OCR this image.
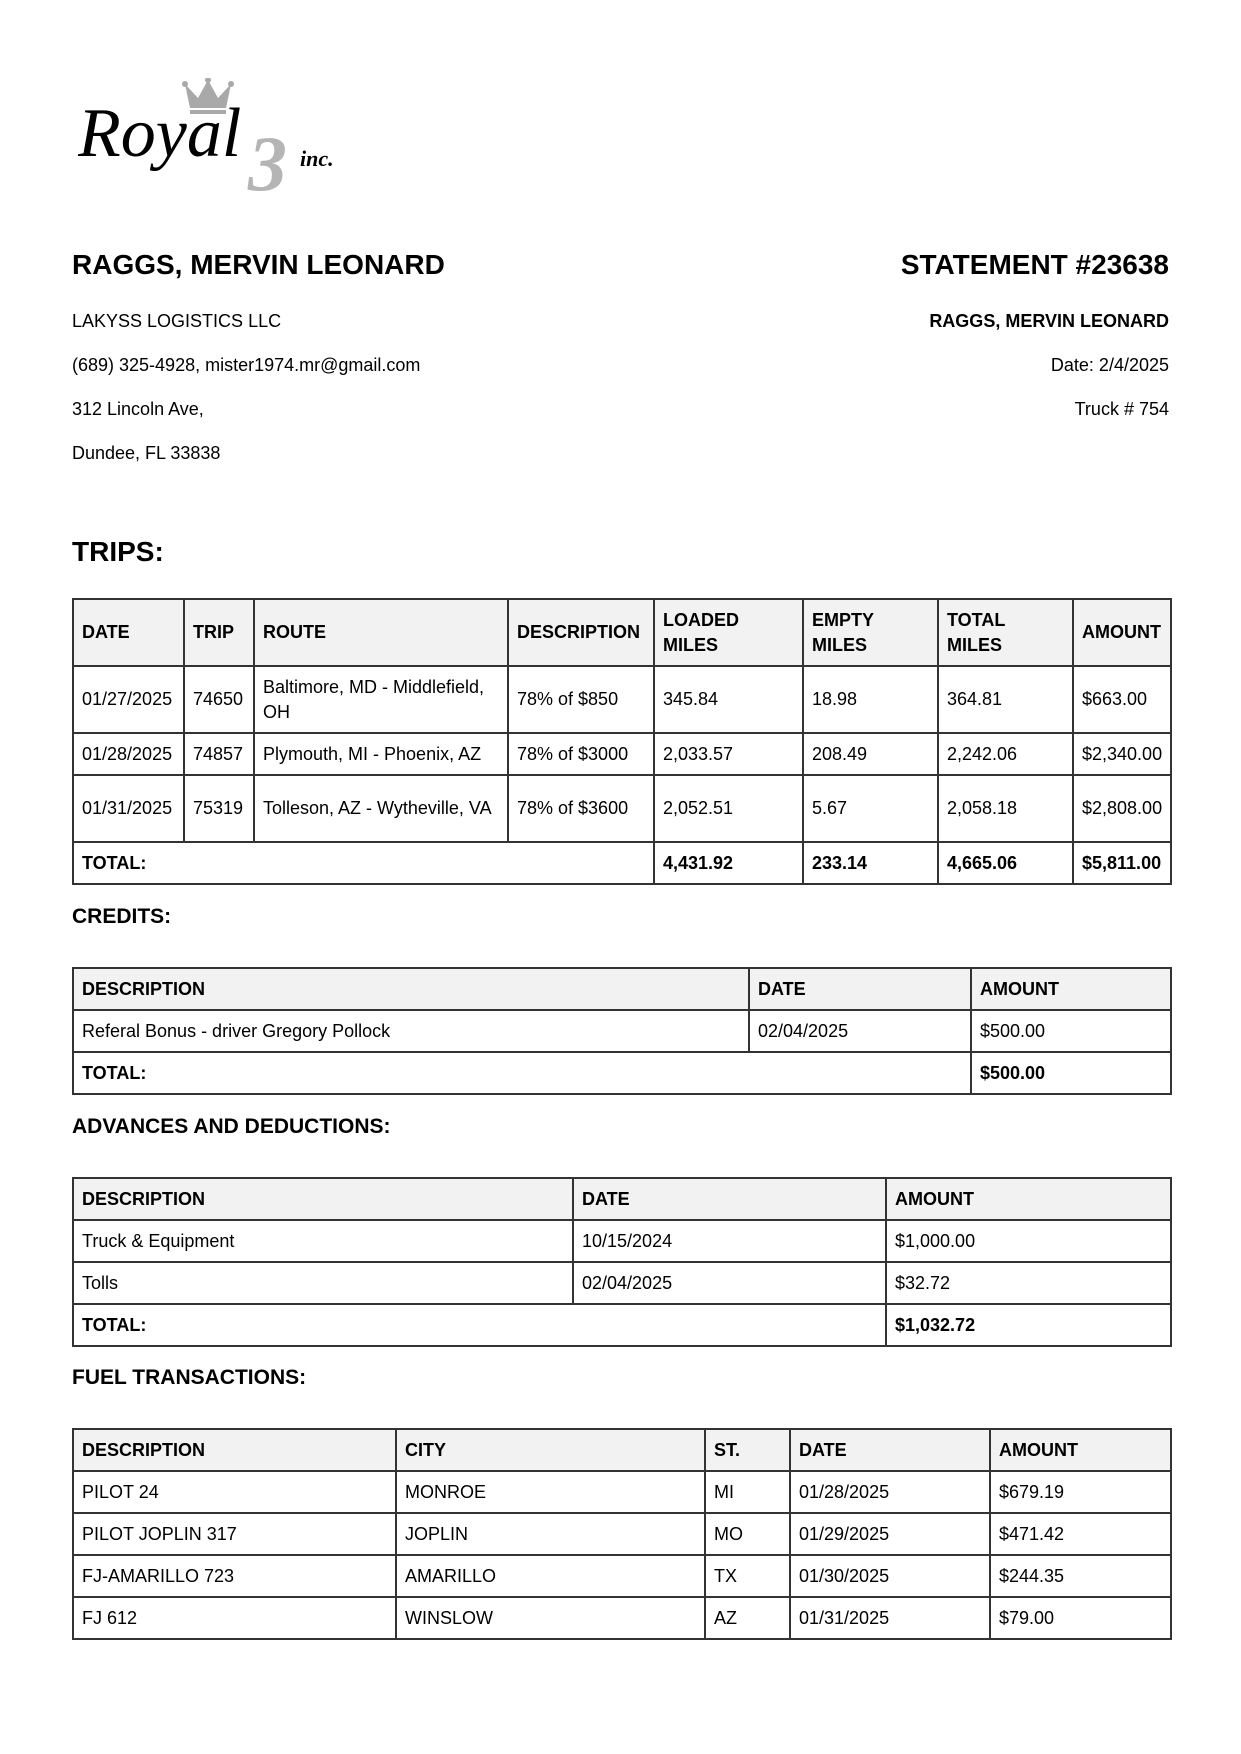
3
Royal	inc.
RAGGS, MERVIN LEONARD	STATEMENT #23638
LAKYSS LOGISTICS LLC
(689) 325-4928, mister1974.mr@gmail.com
312 Lincoln Ave,
Dundee, FL 33838
RAGGS, MERVIN LEONARD
Date: 2/4/2025
Truck # 754
TRIPS:
DATE	TRIP	ROUTE	DESCRIPTION	LOADED MILES	EMPTY MILES	TOTAL MILES	AMOUNT
01/27/2025	74650	Baltimore, MD - Middlefield, OH	78% of $850	345.84	18.98	364.81	$663.00
01/28/2025	74857	Plymouth, MI - Phoenix, AZ	78% of $3000	2,033.57	208.49	2,242.06	$2,340.00
01/31/2025	75319	Tolleson, AZ - Wytheville, VA	78% of $3600	2,052.51	5.67	2,058.18	$2,808.00
TOTAL:				4,431.92	233.14	4,665.06	$5,811.00
CREDITS:
DESCRIPTION	DATE	AMOUNT
Referal Bonus - driver Gregory Pollock	02/04/2025	$500.00
TOTAL:		$500.00
ADVANCES AND DEDUCTIONS:
DESCRIPTION	DATE	AMOUNT
Truck & Equipment	10/15/2024	$1,000.00
Tolls	02/04/2025	$32.72
TOTAL:		$1,032.72
FUEL TRANSACTIONS:
DESCRIPTION	CITY	ST.	DATE	AMOUNT
PILOT 24	MONROE	MI	01/28/2025	$679.19
PILOT JOPLIN 317	JOPLIN	MO	01/29/2025	$471.42
FJ-AMARILLO 723	AMARILLO	TX	01/30/2025	$244.35
FJ 612	WINSLOW	AZ	01/31/2025	$79.00
